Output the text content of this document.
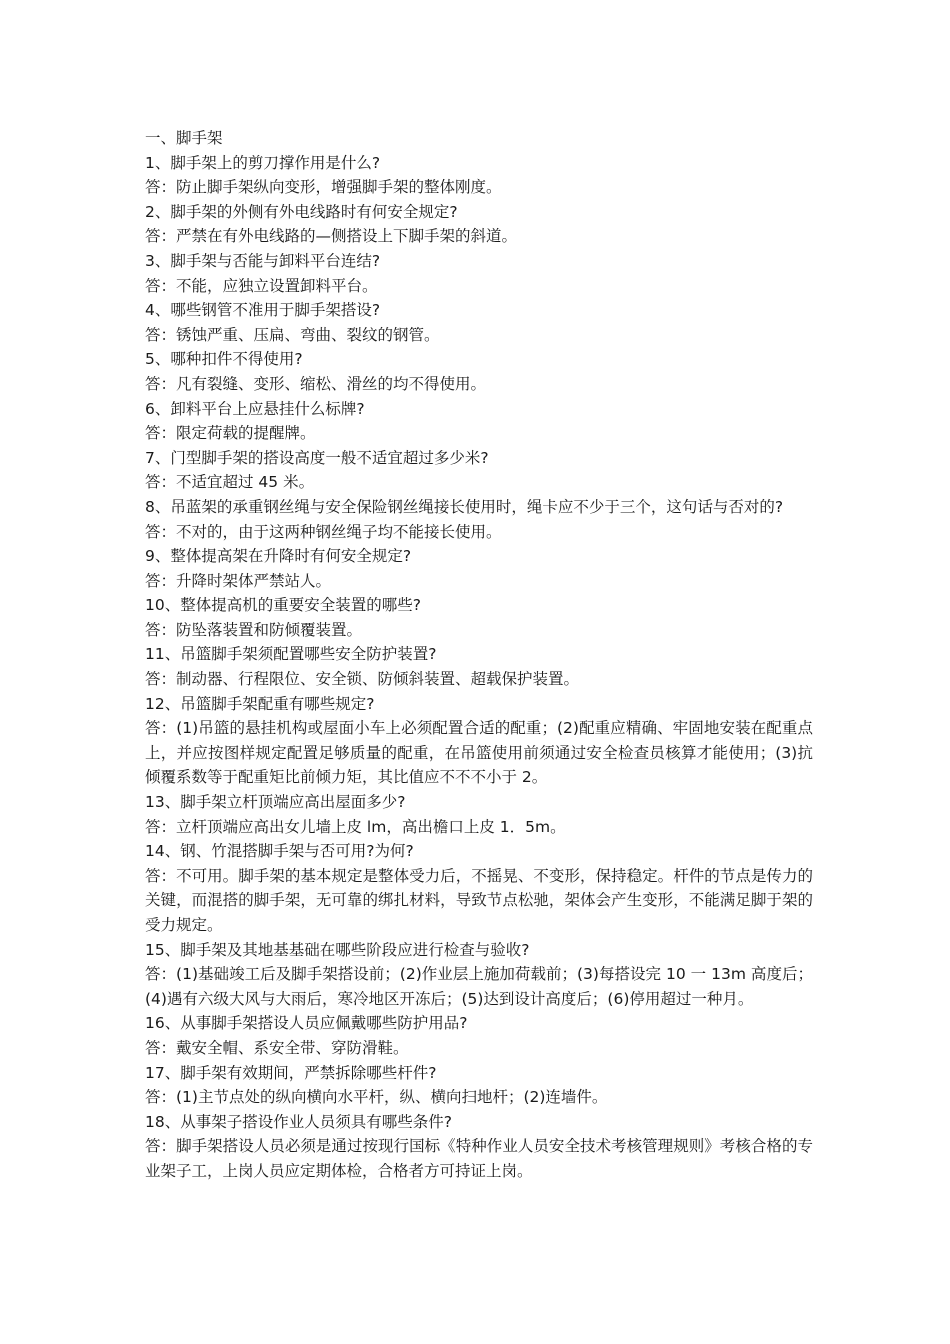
一、脚手架
1、脚手架上的剪刀撑作用是什么?
答：防止脚手架纵向变形，增强脚手架的整体刚度。
2、脚手架的外侧有外电线路时有何安全规定?
答：严禁在有外电线路的—侧搭设上下脚手架的斜道。
3、脚手架与否能与卸料平台连结?
答：不能，应独立设置卸料平台。
4、哪些钢管不准用于脚手架搭设?
答：锈蚀严重、压扁、弯曲、裂纹的钢管。
5、哪种扣件不得使用?
答：凡有裂缝、变形、缩松、滑丝的均不得使用。
6、卸料平台上应悬挂什么标牌?
答：限定荷载的提醒牌。
7、门型脚手架的搭设高度一般不适宜超过多少米?
答：不适宜超过 45 米。
8、吊蓝架的承重钢丝绳与安全保险钢丝绳接长使用时，绳卡应不少于三个，这句话与否对的?
答：不对的，由于这两种钢丝绳子均不能接长使用。
9、整体提高架在升降时有何安全规定?
答：升降时架体严禁站人。
10、整体提高机的重要安全装置的哪些?
答：防坠落装置和防倾覆装置。
11、吊篮脚手架须配置哪些安全防护装置?
答：制动器、行程限位、安全锁、防倾斜装置、超载保护装置。
12、吊篮脚手架配重有哪些规定?
答：(1)吊篮的悬挂机构或屋面小车上必须配置合适的配重；(2)配重应精确、牢固地安装在配重点上，并应按图样规定配置足够质量的配重，在吊篮使用前须通过安全检查员核算才能使用；(3)抗倾覆系数等于配重矩比前倾力矩，其比值应不不不小于 2。
13、脚手架立杆顶端应高出屋面多少?
答：立杆顶端应高出女儿墙上皮 lm，高出檐口上皮 1．5m。
14、钢、竹混搭脚手架与否可用?为何?
答：不可用。脚手架的基本规定是整体受力后，不摇晃、不变形，保持稳定。杆件的节点是传力的关键，而混搭的脚手架，无可靠的绑扎材料，导致节点松驰，架体会产生变形，不能满足脚于架的受力规定。
15、脚手架及其地基基础在哪些阶段应进行检查与验收?
答：(1)基础竣工后及脚手架搭设前；(2)作业层上施加荷载前；(3)每搭设完 10 一 13m 高度后；(4)遇有六级大风与大雨后，寒冷地区开冻后；(5)达到设计高度后；(6)停用超过一种月。
16、从事脚手架搭设人员应佩戴哪些防护用品?
答：戴安全帽、系安全带、穿防滑鞋。
17、脚手架有效期间，严禁拆除哪些杆件?
答：(1)主节点处的纵向横向水平杆，纵、横向扫地杆；(2)连墙件。
18、从事架子搭设作业人员须具有哪些条件?
答：脚手架搭设人员必须是通过按现行国标《特种作业人员安全技术考核管理规则》考核合格的专业架子工，上岗人员应定期体检，合格者方可持证上岗。
